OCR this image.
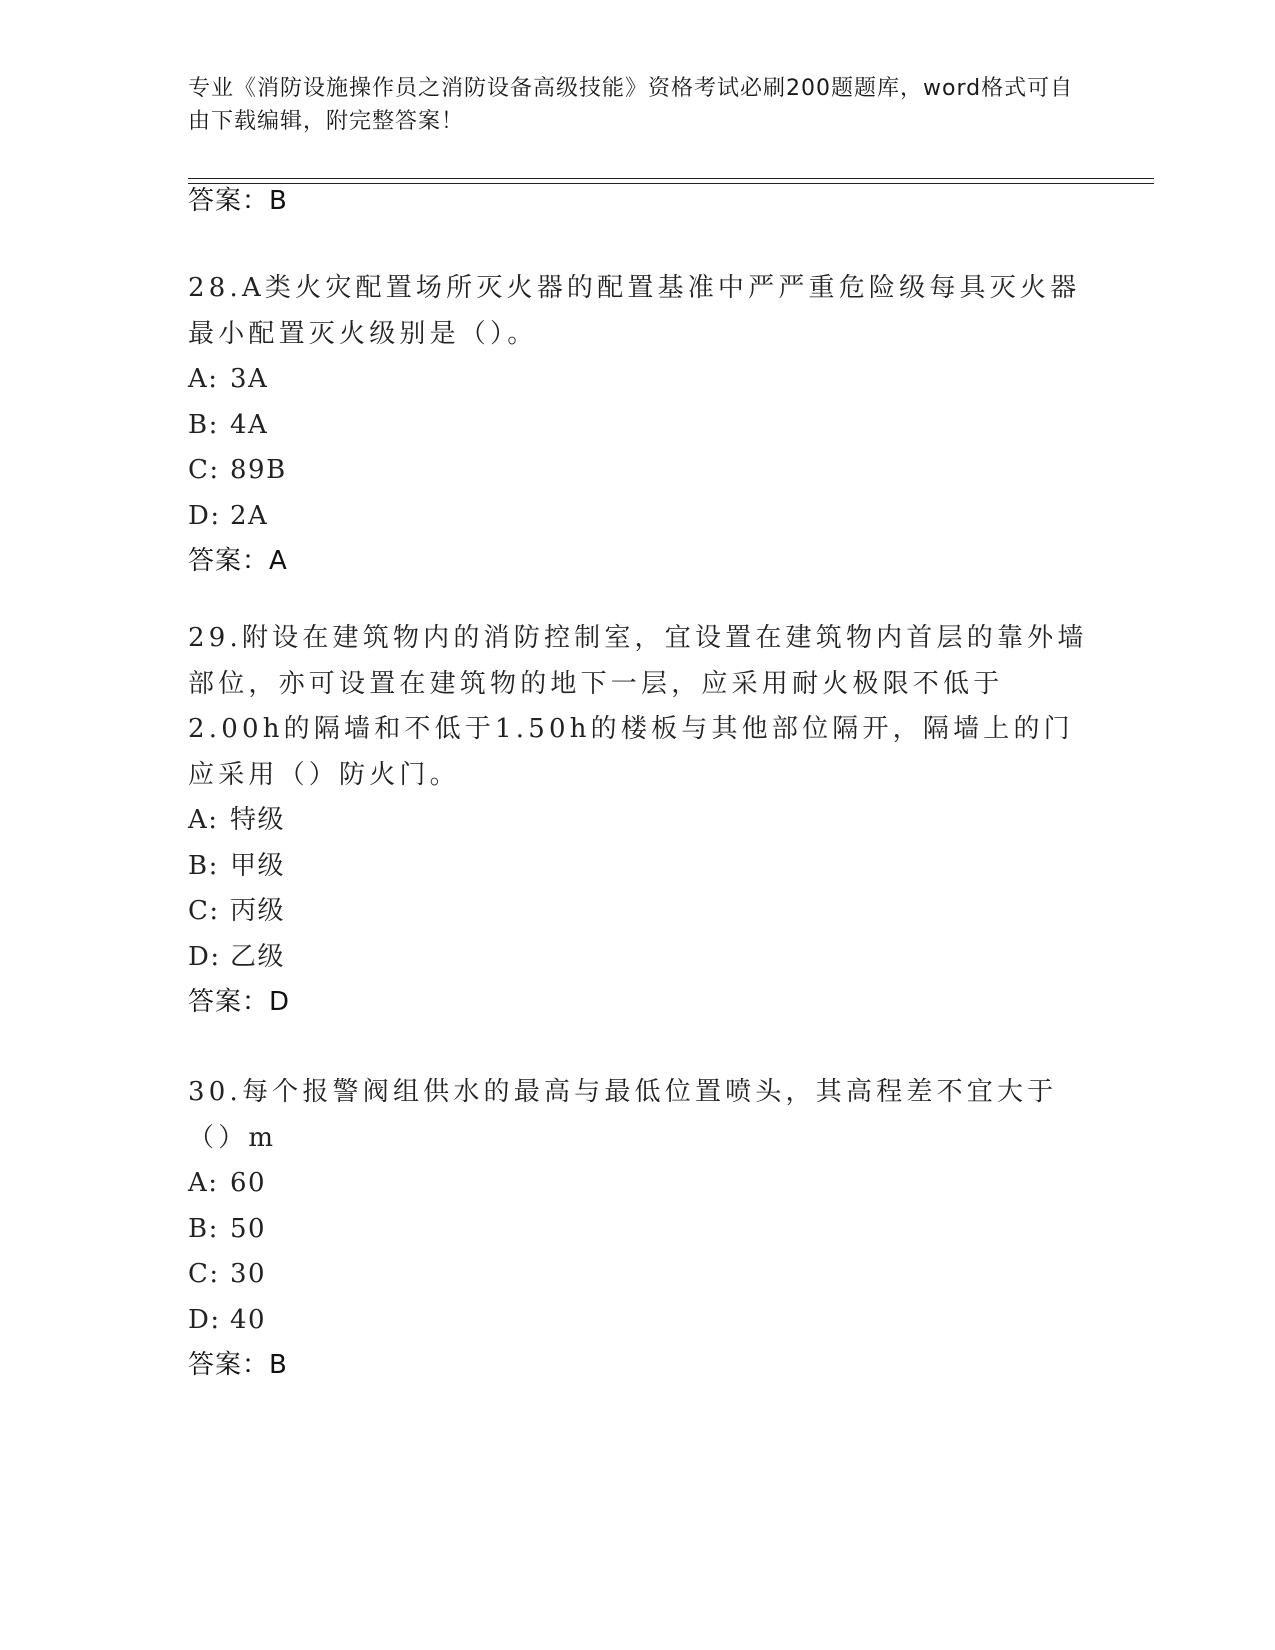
专业《消防设施操作员之消防设备高级技能》资格考试必刷200题题库，word格式可自由下载编辑，附完整答案！
答案：B

28.A类火灾配置场所灭火器的配置基准中严严重危险级每具灭火器最小配置灭火级别是（）。

A: 3A
B: 4A
C: 89B
D: 2A
答案：A

29.附设在建筑物内的消防控制室，宜设置在建筑物内首层的靠外墙部位，亦可设置在建筑物的地下一层，应采用耐火极限不低于2.00h的隔墙和不低于1.50h的楼板与其他部位隔开，隔墙上的门应采用（）防火门。

A: 特级
B: 甲级
C: 丙级
D: 乙级
答案：D

30.每个报警阀组供水的最高与最低位置喷头，其高程差不宜大于（）m

A: 60
B: 50
C: 30
D: 40
答案：B
